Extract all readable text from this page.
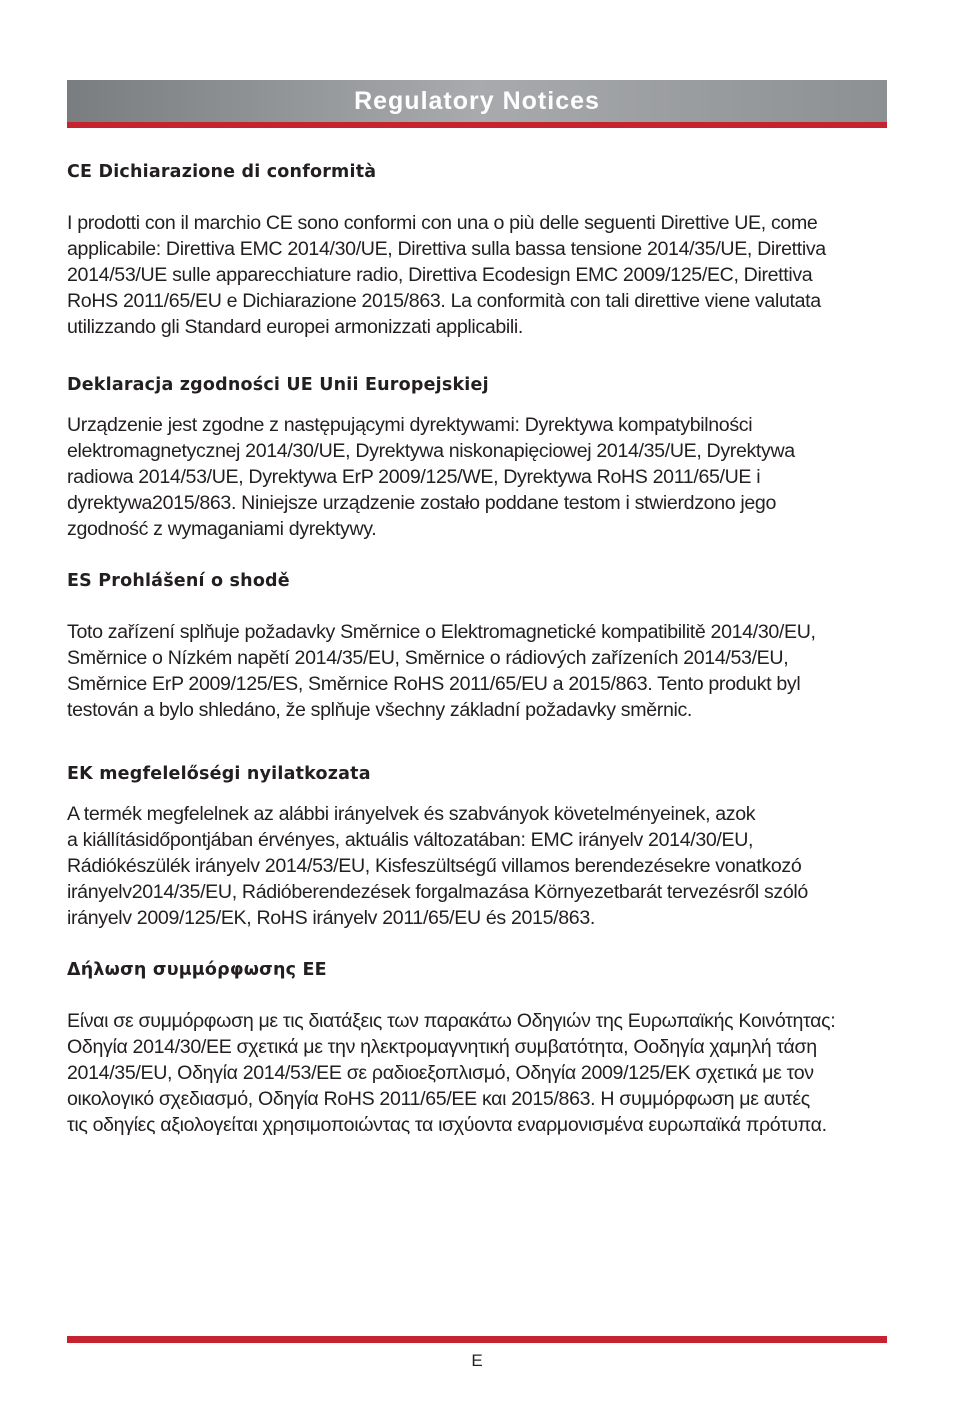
Regulatory Notices
CE Dichiarazione di conformità

I prodotti con il marchio CE sono conformi con una o più delle seguenti Direttive UE, come
applicabile: Direttiva EMC 2014/30/UE, Direttiva sulla bassa tensione 2014/35/UE, Direttiva
2014/53/UE sulle apparecchiature radio, Direttiva Ecodesign EMC 2009/125/EC, Direttiva
RoHS 2011/65/EU e Dichiarazione 2015/863. La conformità con tali direttive viene valutata
utilizzando gli Standard europei armonizzati applicabili.

Deklaracja zgodności UE Unii Europejskiej

Urządzenie jest zgodne z następującymi dyrektywami: Dyrektywa kompatybilności
elektromagnetycznej 2014/30/UE, Dyrektywa niskonapięciowej 2014/35/UE, Dyrektywa
radiowa 2014/53/UE, Dyrektywa ErP 2009/125/WE, Dyrektywa RoHS 2011/65/UE i
dyrektywa2015/863. Niniejsze urządzenie zostało poddane testom i stwierdzono jego
zgodność z wymaganiami dyrektywy.

ES Prohlášení o shodě

Toto zařízení splňuje požadavky Směrnice o Elektromagnetické kompatibilitě 2014/30/EU,
Směrnice o Nízkém napětí 2014/35/EU, Směrnice o rádiových zařízeních 2014/53/EU,
Směrnice ErP 2009/125/ES, Směrnice RoHS 2011/65/EU a 2015/863. Tento produkt byl
testován a bylo shledáno, že splňuje všechny základní požadavky směrnic.

EK megfelelőségi nyilatkozata

A termék megfelelnek az alábbi irányelvek és szabványok követelményeinek, azok
a kiállításidőpontjában érvényes, aktuális változatában: EMC irányelv 2014/30/EU,
Rádiókészülék irányelv 2014/53/EU, Kisfeszültségű villamos berendezésekre vonatkozó
irányelv2014/35/EU, Rádióberendezések forgalmazása Környezetbarát tervezésről szóló
irányelv 2009/125/EK, RoHS irányelv 2011/65/EU és 2015/863.

Δήλωση συμμόρφωσης ΕΕ

Είναι σε συμμόρφωση με τις διατάξεις των παρακάτω Οδηγιών της Ευρωπαϊκής Κοινότητας:
Οδηγία 2014/30/EE σχετικά με την ηλεκτρομαγνητική συμβατότητα, Οοδηγία χαμηλή τάση
2014/35/EU, Οδηγία 2014/53/EE σε ραδιοεξοπλισμό, Οδηγία 2009/125/EK σχετικά με τον
οικολογικό σχεδιασμό, Οδηγία RoHS 2011/65/EE και 2015/863. Η συμμόρφωση με αυτές
τις οδηγίες αξιολογείται χρησιμοποιώντας τα ισχύοντα εναρμονισμένα ευρωπαϊκά πρότυπα.

E
